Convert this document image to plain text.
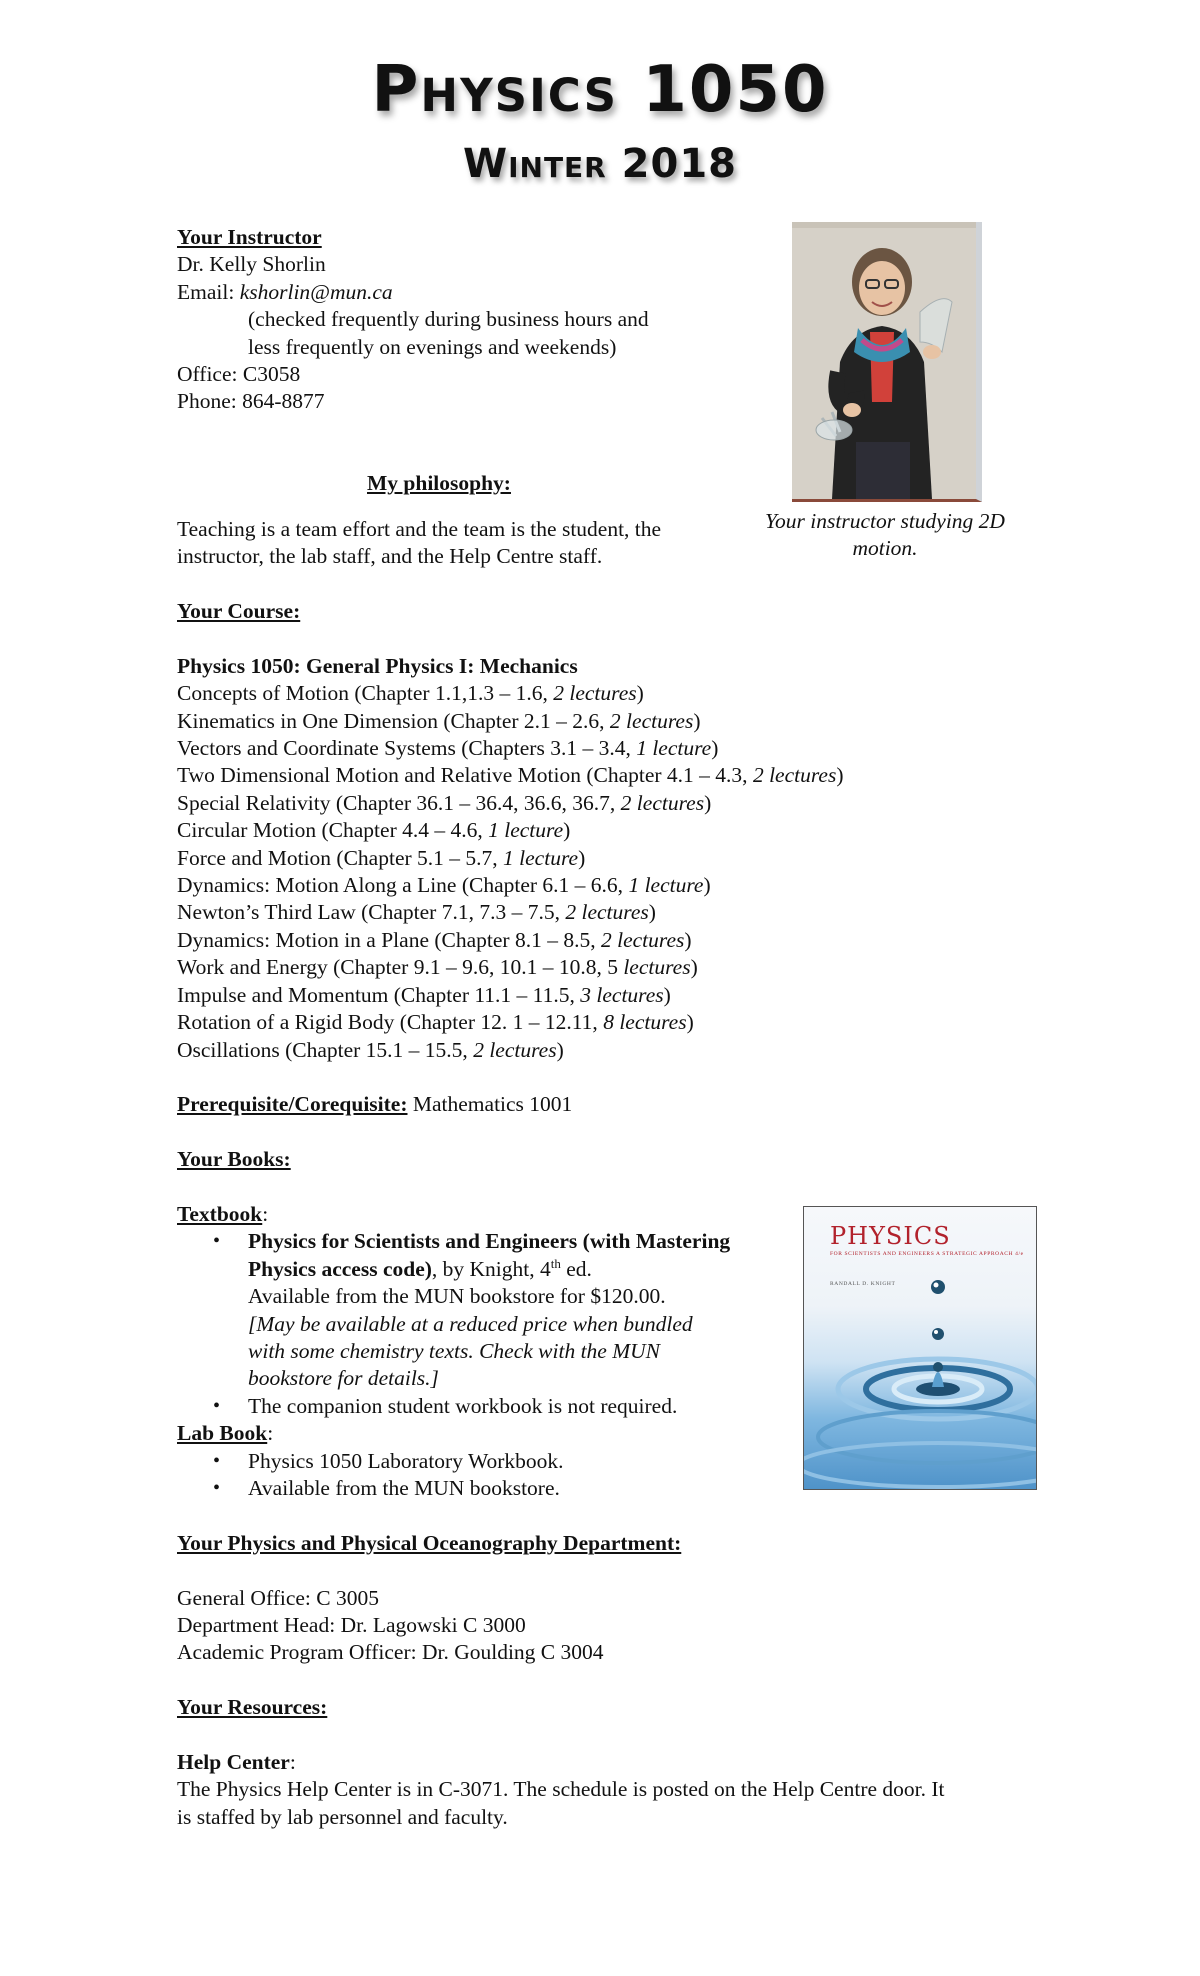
Physics 1050
Winter 2018
Your Instructor
Dr. Kelly Shorlin
Email: kshorlin@mun.ca
(checked frequently during business hours and
less frequently on evenings and weekends)
Office: C3058
Phone: 864-8877
Your instructor studying 2D
motion.
My philosophy:
Teaching is a team effort and the team is the student, the
instructor, the lab staff, and the Help Centre staff.
Your Course:

Physics 1050: General Physics I: Mechanics
Concepts of Motion (Chapter 1.1,1.3 – 1.6, 2 lectures)
Kinematics in One Dimension (Chapter 2.1 – 2.6, 2 lectures)
Vectors and Coordinate Systems (Chapters 3.1 – 3.4, 1 lecture)
Two Dimensional Motion and Relative Motion (Chapter 4.1 – 4.3, 2 lectures)
Special Relativity (Chapter 36.1 – 36.4, 36.6, 36.7, 2 lectures)
Circular Motion (Chapter 4.4 – 4.6, 1 lecture)
Force and Motion (Chapter 5.1 – 5.7, 1 lecture)
Dynamics: Motion Along a Line (Chapter 6.1 – 6.6, 1 lecture)
Newton’s Third Law (Chapter 7.1, 7.3 – 7.5, 2 lectures)
Dynamics: Motion in a Plane (Chapter 8.1 – 8.5, 2 lectures)
Work and Energy (Chapter 9.1 – 9.6, 10.1 – 10.8, 5 lectures)
Impulse and Momentum (Chapter 11.1 – 11.5, 3 lectures)
Rotation of a Rigid Body (Chapter 12. 1 – 12.11, 8 lectures)
Oscillations (Chapter 15.1 – 15.5, 2 lectures)

Prerequisite/Corequisite: Mathematics 1001

Your Books:

Textbook:
• Physics for Scientists and Engineers (with Mastering
Physics access code), by Knight, 4th ed.
Available from the MUN bookstore for $120.00.
[May be available at a reduced price when bundled
with some chemistry texts. Check with the MUN
bookstore for details.]
• The companion student workbook is not required.
Lab Book:
• Physics 1050 Laboratory Workbook.
• Available from the MUN bookstore.

Your Physics and Physical Oceanography Department:

General Office: C 3005
Department Head: Dr. Lagowski C 3000
Academic Program Officer: Dr. Goulding C 3004

Your Resources:

Help Center:
The Physics Help Center is in C-3071. The schedule is posted on the Help Centre door. It
is staffed by lab personnel and faculty.
PHYSICS
FOR SCIENTISTS AND ENGINEERS A STRATEGIC APPROACH 4/e
RANDALL D. KNIGHT
